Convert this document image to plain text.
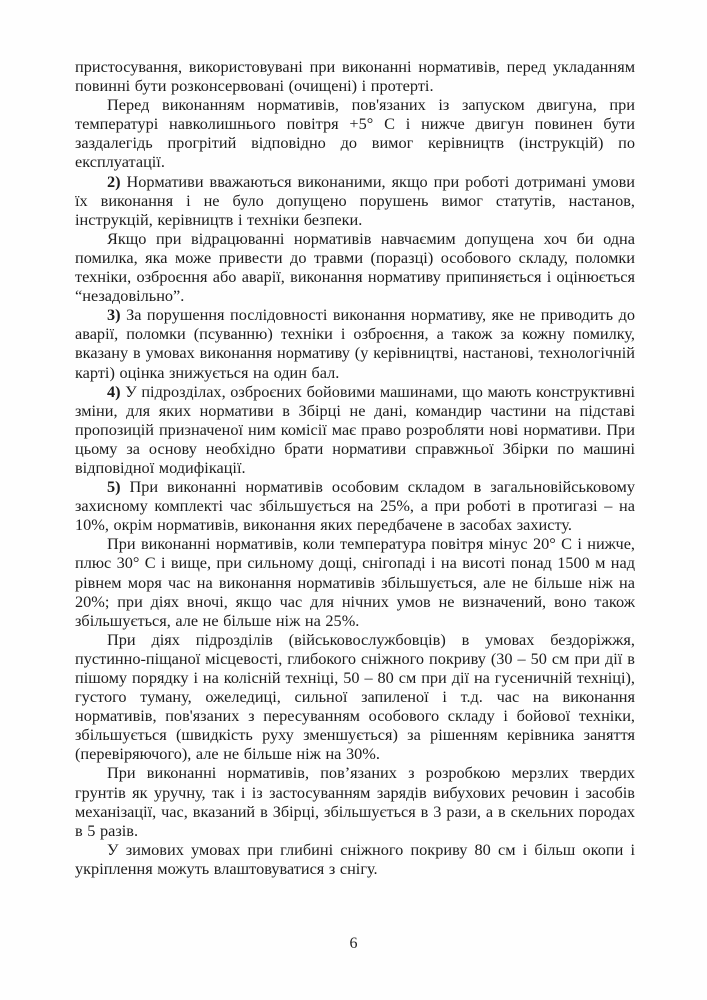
пристосування, використовувані при виконанні нормативів, перед укладанням повинні бути розконсервовані (очищені) і протерті.

Перед виконанням нормативів, пов'язаних із запуском двигуна, при температурі навколишнього повітря +5° С і нижче двигун повинен бути заздалегідь прогрітий відповідно до вимог керівництв (інструкцій) по експлуатації.

2) Нормативи вважаються виконаними, якщо при роботі дотримані умови їх виконання і не було допущено порушень вимог статутів, настанов, інструкцій, керівництв і техніки безпеки.

Якщо при відрацюванні нормативів навчаємим допущена хоч би одна помилка, яка може привести до травми (поразці) особового складу, поломки техніки, озброєння або аварії, виконання нормативу припиняється і оцінюється “незадовільно”.

3) За порушення послідовності виконання нормативу, яке не приводить до аварії, поломки (псуванню) техніки і озброєння, а також за кожну помилку, вказану в умовах виконання нормативу (у керівництві, настанові, технологічній карті) оцінка знижується на один бал.

4) У підрозділах, озброєних бойовими машинами, що мають конструктивні зміни, для яких нормативи в Збірці не дані, командир частини на підставі пропозицій призначеної ним комісії має право розробляти нові нормативи. При цьому за основу необхідно брати нормативи справжньої Збірки по машині відповідної модифікації.

5) При виконанні нормативів особовим складом в загальновійськовому захисному комплекті час збільшується на 25%, а при роботі в протигазі – на 10%, окрім нормативів, виконання яких передбачене в засобах захисту.

При виконанні нормативів, коли температура повітря мінус 20° С і нижче, плюс 30° С і вище, при сильному дощі, снігопаді і на висоті понад 1500 м над рівнем моря час на виконання нормативів збільшується, але не більше ніж на 20%; при діях вночі, якщо час для нічних умов не визначений, воно також збільшується, але не більше ніж на 25%.

При діях підрозділів (військовослужбовців) в умовах бездоріжжя, пустинно-піщаної місцевості, глибокого сніжного покриву (30 – 50 см при дії в пішому порядку і на колісній техніці, 50 – 80 см при дії на гусеничній техніці), густого туману, ожеледиці, сильної запиленої і т.д. час на виконання нормативів, пов'язаних з пересуванням особового складу і бойової техніки, збільшується (швидкість руху зменшується) за рішенням керівника заняття (перевіряючого), але не більше ніж на 30%.

При виконанні нормативів, пов’язаних з розробкою мерзлих твердих грунтів як уручну, так і із застосуванням зарядів вибухових речовин і засобів механізації, час, вказаний в Збірці, збільшується в 3 рази, а в скельних породах в 5 разів.

У зимових умовах при глибині сніжного покриву 80 см і більш окопи і укріплення можуть влаштовуватися з снігу.

6
